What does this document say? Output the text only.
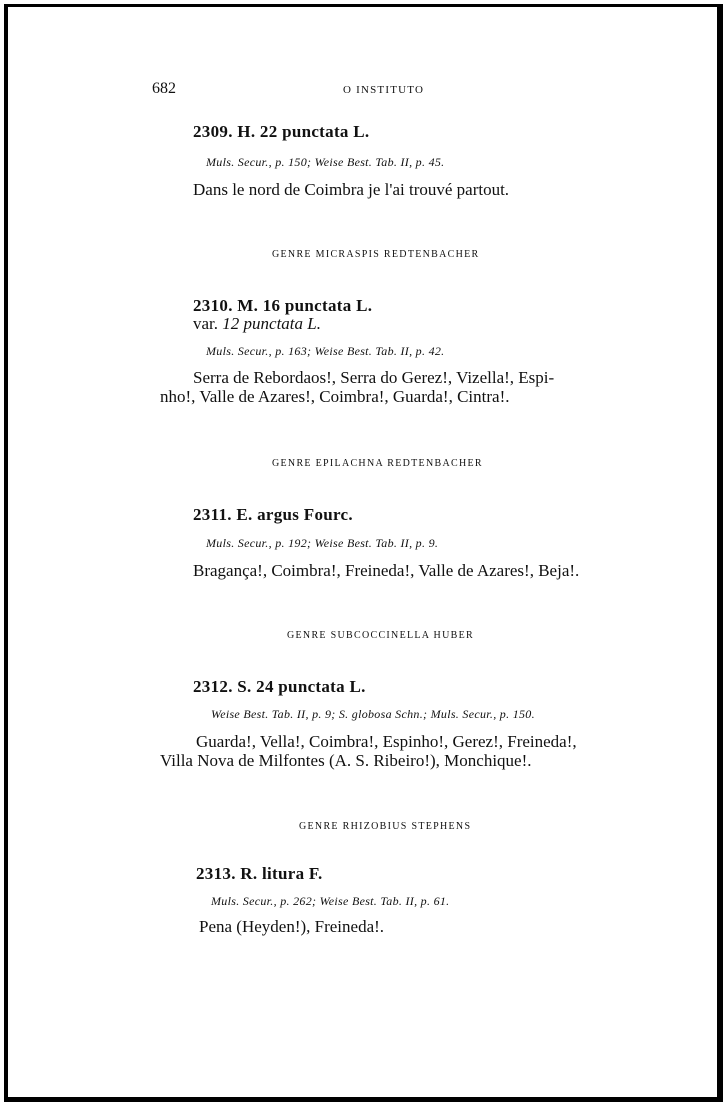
682	O INSTITUTO
2309. H. 22 punctata L.
Muls. Secur., p. 150; Weise Best. Tab. II, p. 45.
Dans le nord de Coimbra je l'ai trouvé partout.
GENRE MICRASPIS REDTENBACHER
2310. M. 16 punctata L.
var. 12 punctata L.
Muls. Secur., p. 163; Weise Best. Tab. II, p. 42.
Serra de Rebordaos!, Serra do Gerez!, Vizella!, Espi-
nho!, Valle de Azares!, Coimbra!, Guarda!, Cintra!.
GENRE EPILACHNA REDTENBACHER
2311. E. argus Fourc.
Muls. Secur., p. 192; Weise Best. Tab. II, p. 9.
Bragança!, Coimbra!, Freineda!, Valle de Azares!, Beja!.
GENRE SUBCOCCINELLA HUBER
2312. S. 24 punctata L.
Weise Best. Tab. II, p. 9; S. globosa Schn.; Muls. Secur., p. 150.
Guarda!, Vella!, Coimbra!, Espinho!, Gerez!, Freineda!,
Villa Nova de Milfontes (A. S. Ribeiro!), Monchique!.
GENRE RHIZOBIUS STEPHENS
2313. R. litura F.
Muls. Secur., p. 262; Weise Best. Tab. II, p. 61.
Pena (Heyden!), Freineda!.
